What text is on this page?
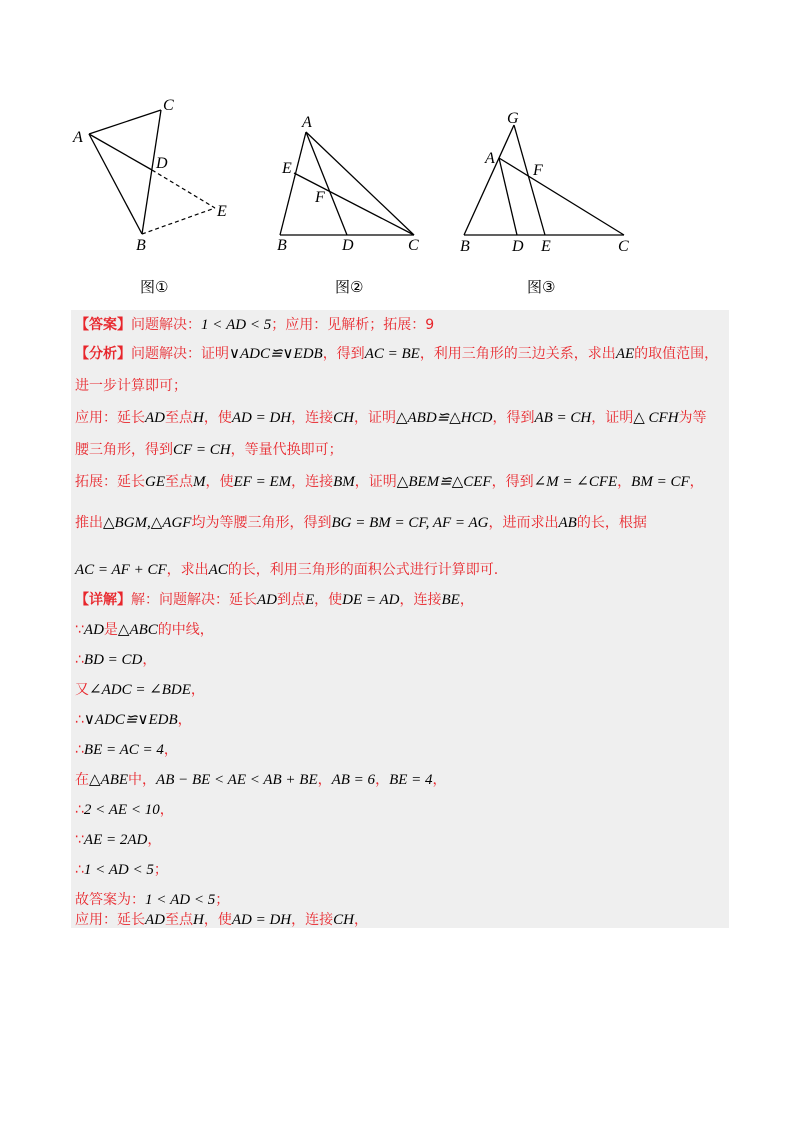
A
C
D
E
B
A
E
F
B	D	C
G
A
F
B	D E	C
图①	图②	图③
【答案】问题解决：1 < AD < 5；应用：见解析；拓展：9
【分析】问题解决：证明∨ADC≌∨EDB，得到AC = BE，利用三角形的三边关系，求出AE的取值范围，
进一步计算即可；
应用：延长AD至点H，使AD = DH，连接CH，证明△ABD≌△HCD，得到AB = CH，证明△ CFH为等
腰三角形，得到CF = CH，等量代换即可；
拓展：延长GE至点M，使EF = EM，连接BM，证明△BEM≌△CEF，得到∠M = ∠CFE，BM = CF，
推出△BGM,△AGF均为等腰三角形，得到BG = BM = CF, AF = AG，进而求出AB的长，根据
AC = AF + CF，求出AC的长，利用三角形的面积公式进行计算即可.
【详解】解：问题解决：延长AD到点E，使DE = AD，连接BE，
∵AD是△ABC的中线，
∴BD = CD，
又∠ADC = ∠BDE，
∴∨ADC≌∨EDB，
∴BE = AC = 4，
在△ABE中，AB − BE < AE < AB + BE，AB = 6，BE = 4，
∴2 < AE < 10，
∵AE = 2AD，
∴1 < AD < 5；
故答案为：1 < AD < 5；
应用：延长AD至点H，使AD = DH，连接CH，
